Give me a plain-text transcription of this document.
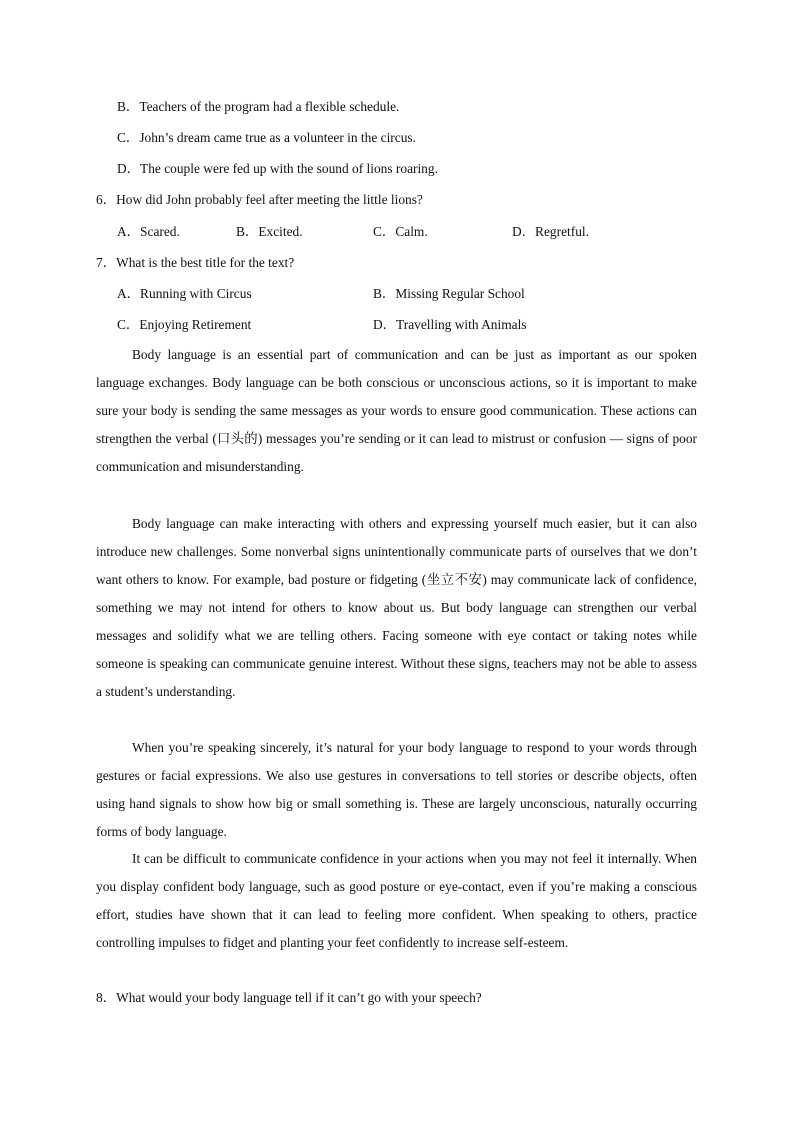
B．Teachers of the program had a flexible schedule.
C．John’s dream came true as a volunteer in the circus.
D．The couple were fed up with the sound of lions roaring.
6．How did John probably feel after meeting the little lions?
A．Scared.	B．Excited.	C．Calm.	D．Regretful.
7．What is the best title for the text?
A．Running with Circus	B．Missing Regular School
C．Enjoying Retirement	D．Travelling with Animals

Body language is an essential part of communication and can be just as important as our spoken language exchanges. Body language can be both conscious or unconscious actions, so it is important to make sure your body is sending the same messages as your words to ensure good communication. These actions can strengthen the verbal (口头的) messages you’re sending or it can lead to mistrust or confusion — signs of poor communication and misunderstanding.

Body language can make interacting with others and expressing yourself much easier, but it can also introduce new challenges. Some nonverbal signs unintentionally communicate parts of ourselves that we don’t want others to know. For example, bad posture or fidgeting (坐立不安) may communicate lack of confidence, something we may not intend for others to know about us. But body language can strengthen our verbal messages and solidify what we are telling others. Facing someone with eye contact or taking notes while someone is speaking can communicate genuine interest. Without these signs, teachers may not be able to assess a student’s understanding.

When you’re speaking sincerely, it’s natural for your body language to respond to your words through gestures or facial expressions. We also use gestures in conversations to tell stories or describe objects, often using hand signals to show how big or small something is. These are largely unconscious, naturally occurring forms of body language.

It can be difficult to communicate confidence in your actions when you may not feel it internally. When you display confident body language, such as good posture or eye-contact, even if you’re making a conscious effort, studies have shown that it can lead to feeling more confident. When speaking to others, practice controlling impulses to fidget and planting your feet confidently to increase self-esteem.

8．What would your body language tell if it can’t go with your speech?
